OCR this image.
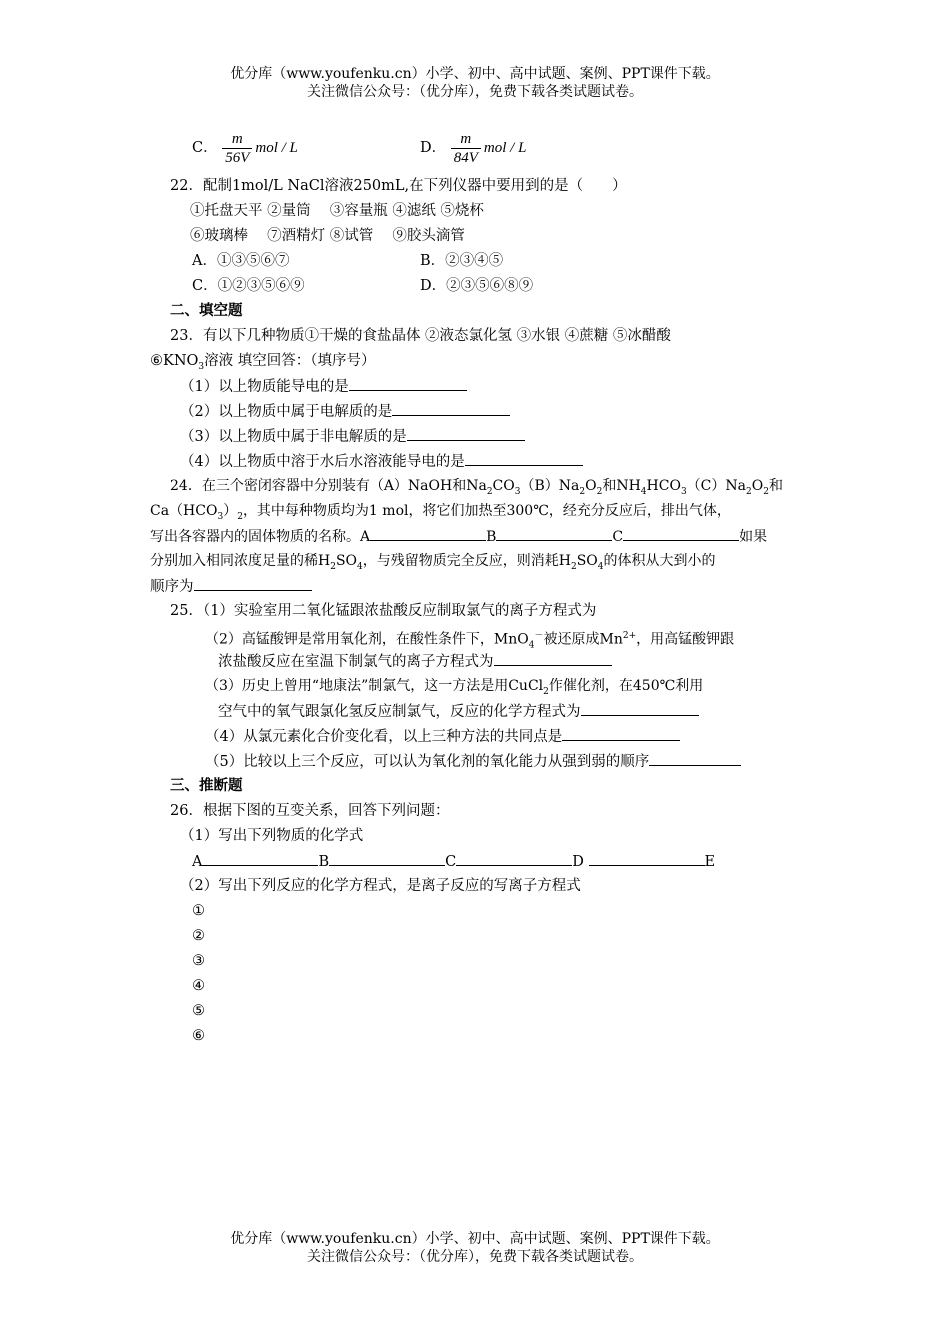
优分库（www.youfenku.cn）小学、初中、高中试题、案例、PPT课件下载。
关注微信公众号：（优分库），免费下载各类试题试卷。
C． $\frac{m}{56V}$ mol / L	D． $\frac{m}{84V}$ mol / L
22．配制1mol/L NaCl溶液250mL,在下列仪器中要用到的是（　　）
①托盘天平 ②量筒　 ③容量瓶 ④滤纸 ⑤烧杯
⑥玻璃棒　 ⑦酒精灯 ⑧试管　 ⑨胶头滴管
A．①③⑤⑥⑦	B．②③④⑤
C．①②③⑤⑥⑨	D．②③⑤⑥⑧⑨
二、填空题
23．有以下几种物质①干燥的食盐晶体 ②液态氯化氢 ③水银 ④蔗糖 ⑤冰醋酸
$⑥KNO_3$溶液 填空回答：（填序号）
（1）以上物质能导电的是
（2）以上物质中属于电解质的是
（3）以上物质中属于非电解质的是
（4）以上物质中溶于水后水溶液能导电的是
24．在三个密闭容器中分别装有（A）NaOH和$Na_2CO_3(B)Na_2O_2$和$NH_4HCO_3(C)Na_2O_2$和
$Ca(HCO_3)_2$，其中每种物质均为1 mol，将它们加热至300℃，经充分反应后，排出气体，
写出各容器内的固体物质的名称。A	B	C	如果
分别加入相同浓度足量的稀$H_2SO_4$，与残留物质完全反应，则消耗$H_2SO_4$的体积从大到小的
顺序为
25．（1）实验室用二氧化锰跟浓盐酸反应制取氯气的离子方程式为
（2）高锰酸钾是常用氧化剂，在酸性条件下，MnO$_4$－被还原成$Mn^{2+}$，用高锰酸钾跟
浓盐酸反应在室温下制氯气的离子方程式为
（3）历史上曾用“地康法”制氯气，这一方法是用CuCl$_2$作催化剂，在450℃利用
空气中的氧气跟氯化氢反应制氯气，反应的化学方程式为
（4）从氯元素化合价变化看，以上三种方法的共同点是
（5）比较以上三个反应，可以认为氧化剂的氧化能力从强到弱的顺序
三、推断题
26．根据下图的互变关系，回答下列问题：
（1）写出下列物质的化学式
A	B	C	D	E
（2）写出下列反应的化学方程式，是离子反应的写离子方程式
①
②
③
④
⑤
⑥
优分库（www.youfenku.cn）小学、初中、高中试题、案例、PPT课件下载。
关注微信公众号：（优分库），免费下载各类试题试卷。
